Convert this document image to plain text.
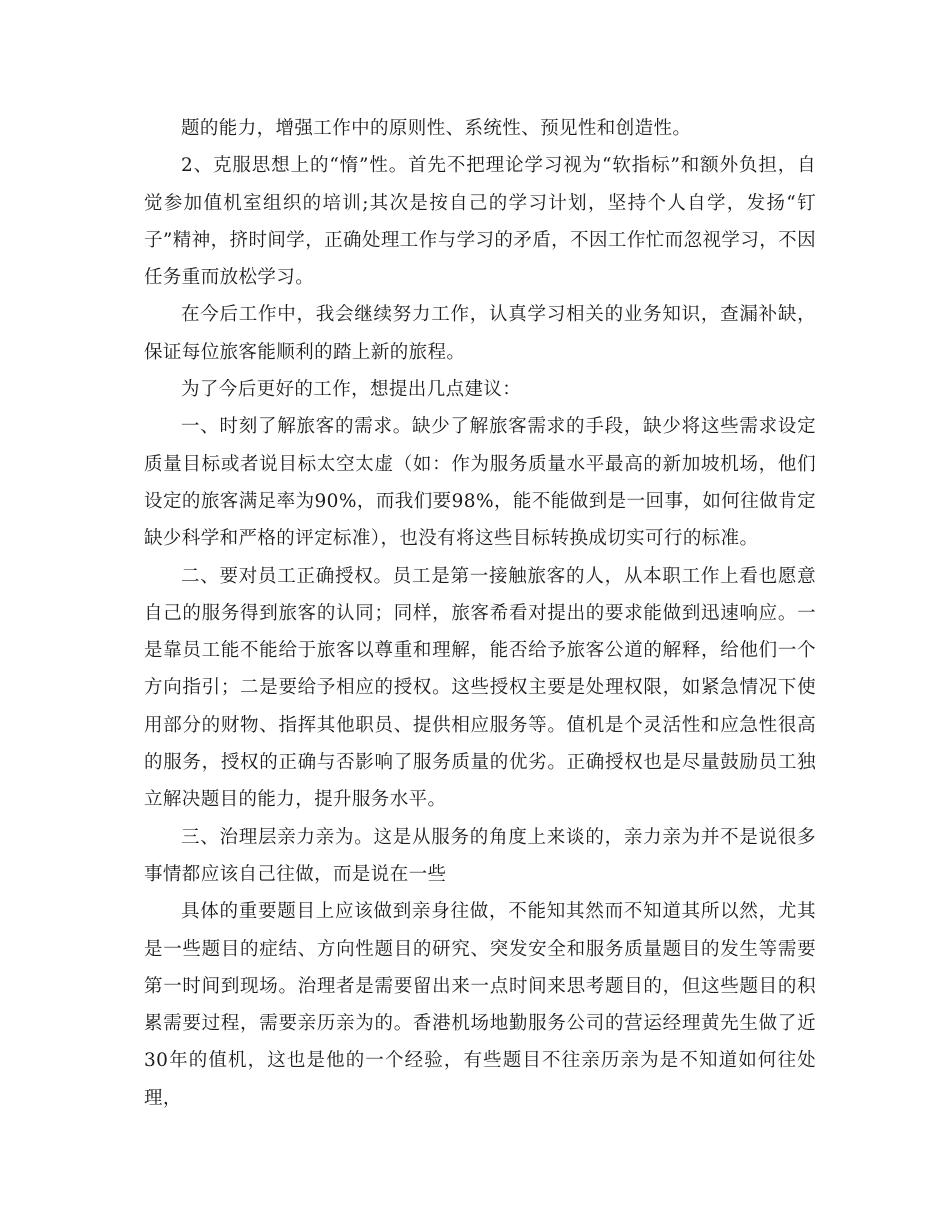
题的能力，增强工作中的原则性、系统性、预见性和创造性。

2、克服思想上的“惰”性。首先不把理论学习视为“软指标”和额外负担，自觉参加值机室组织的培训;其次是按自己的学习计划，坚持个人自学，发扬“钉子”精神，挤时间学，正确处理工作与学习的矛盾，不因工作忙而忽视学习，不因任务重而放松学习。

在今后工作中，我会继续努力工作，认真学习相关的业务知识，查漏补缺，保证每位旅客能顺利的踏上新的旅程。

为了今后更好的工作，想提出几点建议：

一、时刻了解旅客的需求。缺少了解旅客需求的手段，缺少将这些需求设定质量目标或者说目标太空太虚（如：作为服务质量水平最高的新加坡机场，他们设定的旅客满足率为90%，而我们要98%，能不能做到是一回事，如何往做肯定缺少科学和严格的评定标准），也没有将这些目标转换成切实可行的标准。

二、要对员工正确授权。员工是第一接触旅客的人，从本职工作上看也愿意自己的服务得到旅客的认同；同样，旅客希看对提出的要求能做到迅速响应。一是靠员工能不能给于旅客以尊重和理解，能否给予旅客公道的解释，给他们一个方向指引；二是要给予相应的授权。这些授权主要是处理权限，如紧急情况下使用部分的财物、指挥其他职员、提供相应服务等。值机是个灵活性和应急性很高的服务，授权的正确与否影响了服务质量的优劣。正确授权也是尽量鼓励员工独立解决题目的能力，提升服务水平。

三、治理层亲力亲为。这是从服务的角度上来谈的，亲力亲为并不是说很多事情都应该自己往做，而是说在一些

具体的重要题目上应该做到亲身往做，不能知其然而不知道其所以然，尤其是一些题目的症结、方向性题目的研究、突发安全和服务质量题目的发生等需要第一时间到现场。治理者是需要留出来一点时间来思考题目的，但这些题目的积累需要过程，需要亲历亲为的。香港机场地勤服务公司的营运经理黄先生做了近30年的值机，这也是他的一个经验，有些题目不往亲历亲为是不知道如何往处理，
